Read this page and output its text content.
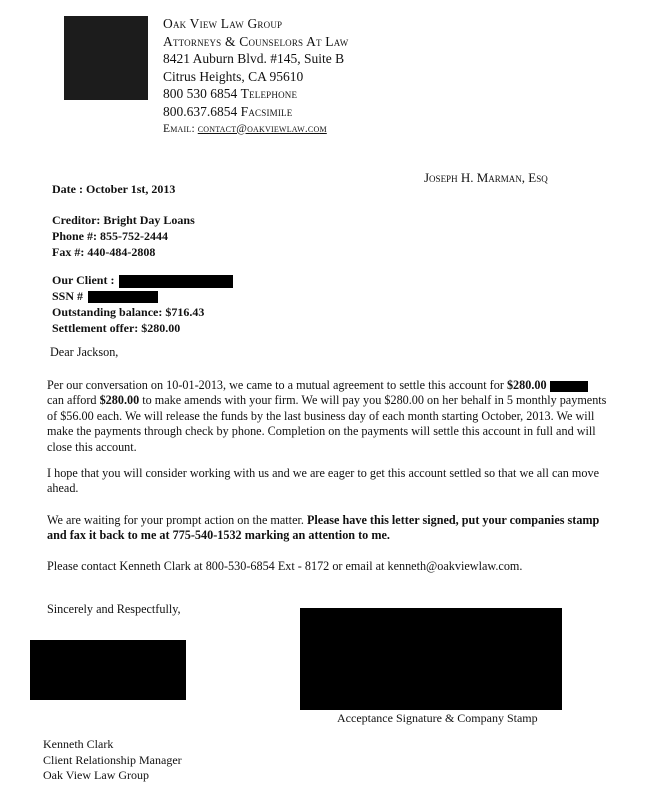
Oak View Law Group
Attorneys & Counselors At Law
8421 Auburn Blvd. #145, Suite B
Citrus Heights, CA 95610
800 530 6854 Telephone
800.637.6854 Facsimile
Email: contact@oakviewlaw.com
Joseph H. Marman, Esq
Date : October 1st, 2013
Creditor: Bright Day Loans
Phone #: 855-752-2444
Fax #: 440-484-2808
Our Client :
SSN #
Outstanding balance: $716.43
Settlement offer: $280.00
Dear Jackson,
Per our conversation on 10-01-2013, we came to a mutual agreement to settle this account for $280.00  can afford $280.00 to make amends with your firm. We will pay you $280.00 on her behalf in 5 monthly payments of $56.00 each. We will release the funds by the last business day of each month starting October, 2013. We will make the payments through check by phone. Completion on the payments will settle this account in full and will close this account.
I hope that you will consider working with us and we are eager to get this account settled so that we all can move ahead.
We are waiting for your prompt action on the matter. Please have this letter signed, put your companies stamp and fax it back to me at 775-540-1532 marking an attention to me.
Please contact Kenneth Clark at 800-530-6854 Ext - 8172 or email at kenneth@oakviewlaw.com.
Sincerely and Respectfully,
Acceptance Signature & Company Stamp
Kenneth Clark
Client Relationship Manager
Oak View Law Group
